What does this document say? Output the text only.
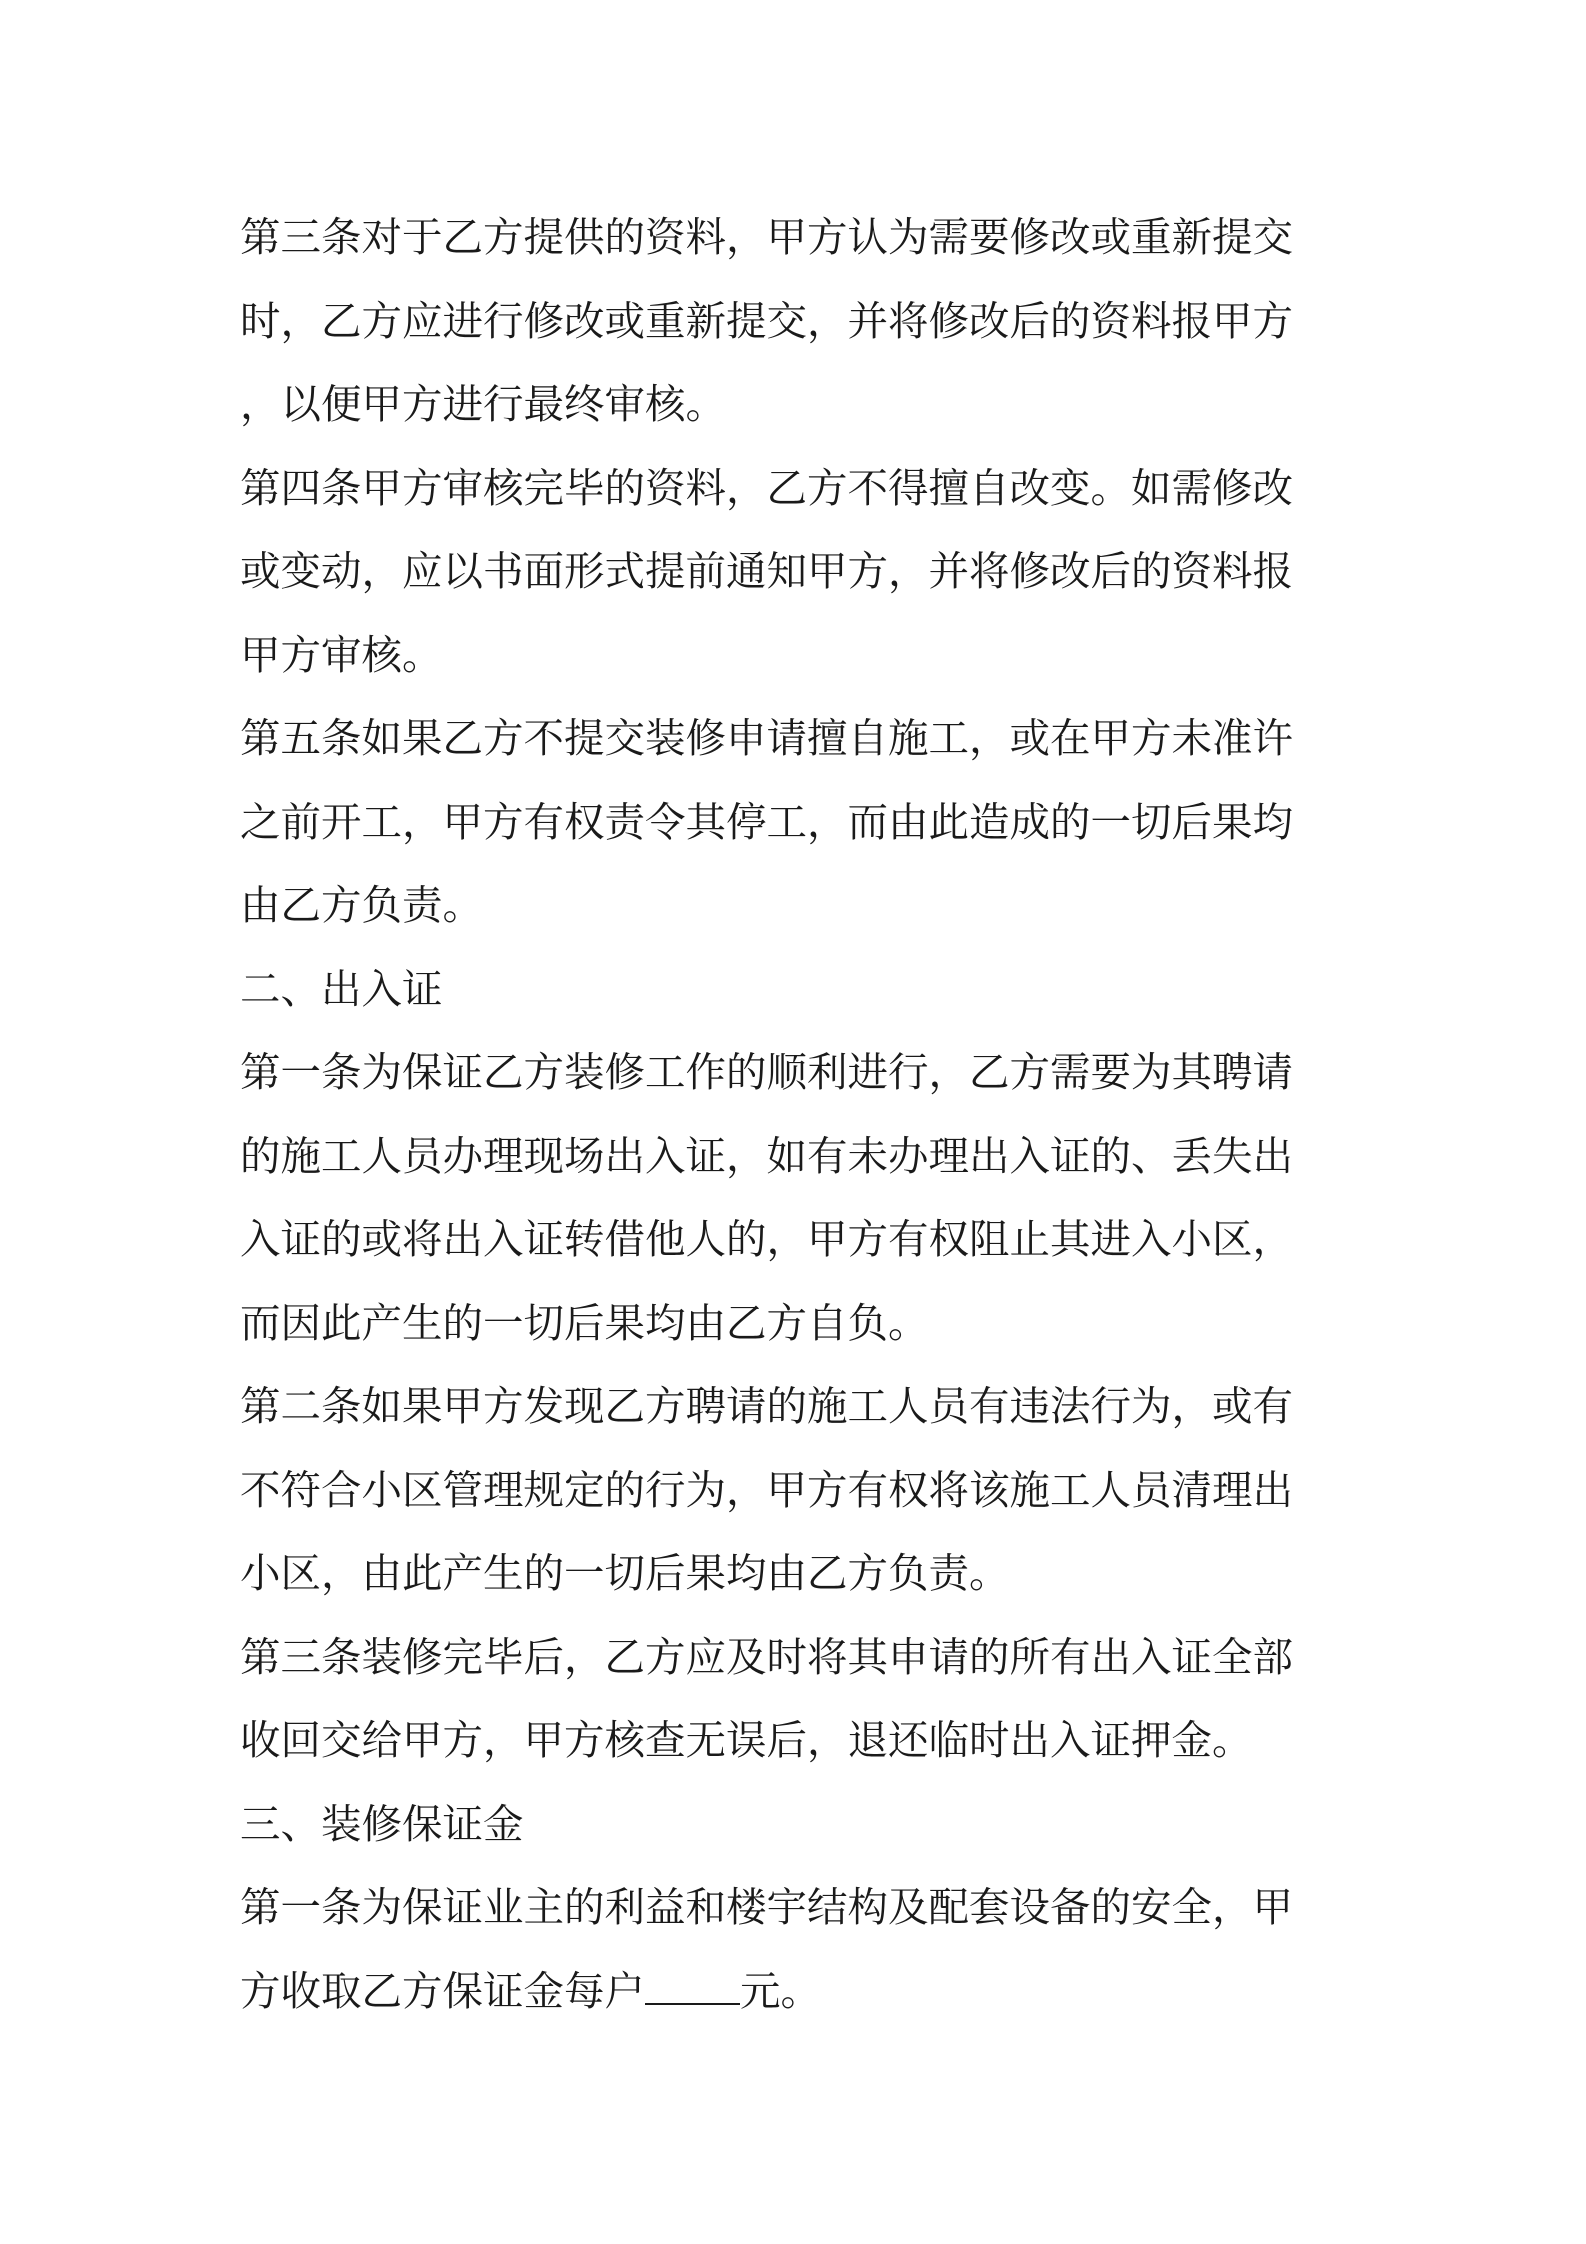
第三条对于乙方提供的资料，甲方认为需要修改或重新提交
时，乙方应进行修改或重新提交，并将修改后的资料报甲方
，以便甲方进行最终审核。
第四条甲方审核完毕的资料，乙方不得擅自改变。如需修改
或变动，应以书面形式提前通知甲方，并将修改后的资料报
甲方审核。
第五条如果乙方不提交装修申请擅自施工，或在甲方未准许
之前开工，甲方有权责令其停工，而由此造成的一切后果均
由乙方负责。
二、出入证
第一条为保证乙方装修工作的顺利进行，乙方需要为其聘请
的施工人员办理现场出入证，如有未办理出入证的、丢失出
入证的或将出入证转借他人的，甲方有权阻止其进入小区，
而因此产生的一切后果均由乙方自负。
第二条如果甲方发现乙方聘请的施工人员有违法行为，或有
不符合小区管理规定的行为，甲方有权将该施工人员清理出
小区，由此产生的一切后果均由乙方负责。
第三条装修完毕后，乙方应及时将其申请的所有出入证全部
收回交给甲方，甲方核查无误后，退还临时出入证押金。
三、装修保证金
第一条为保证业主的利益和楼宇结构及配套设备的安全，甲
方收取乙方保证金每户 元。
